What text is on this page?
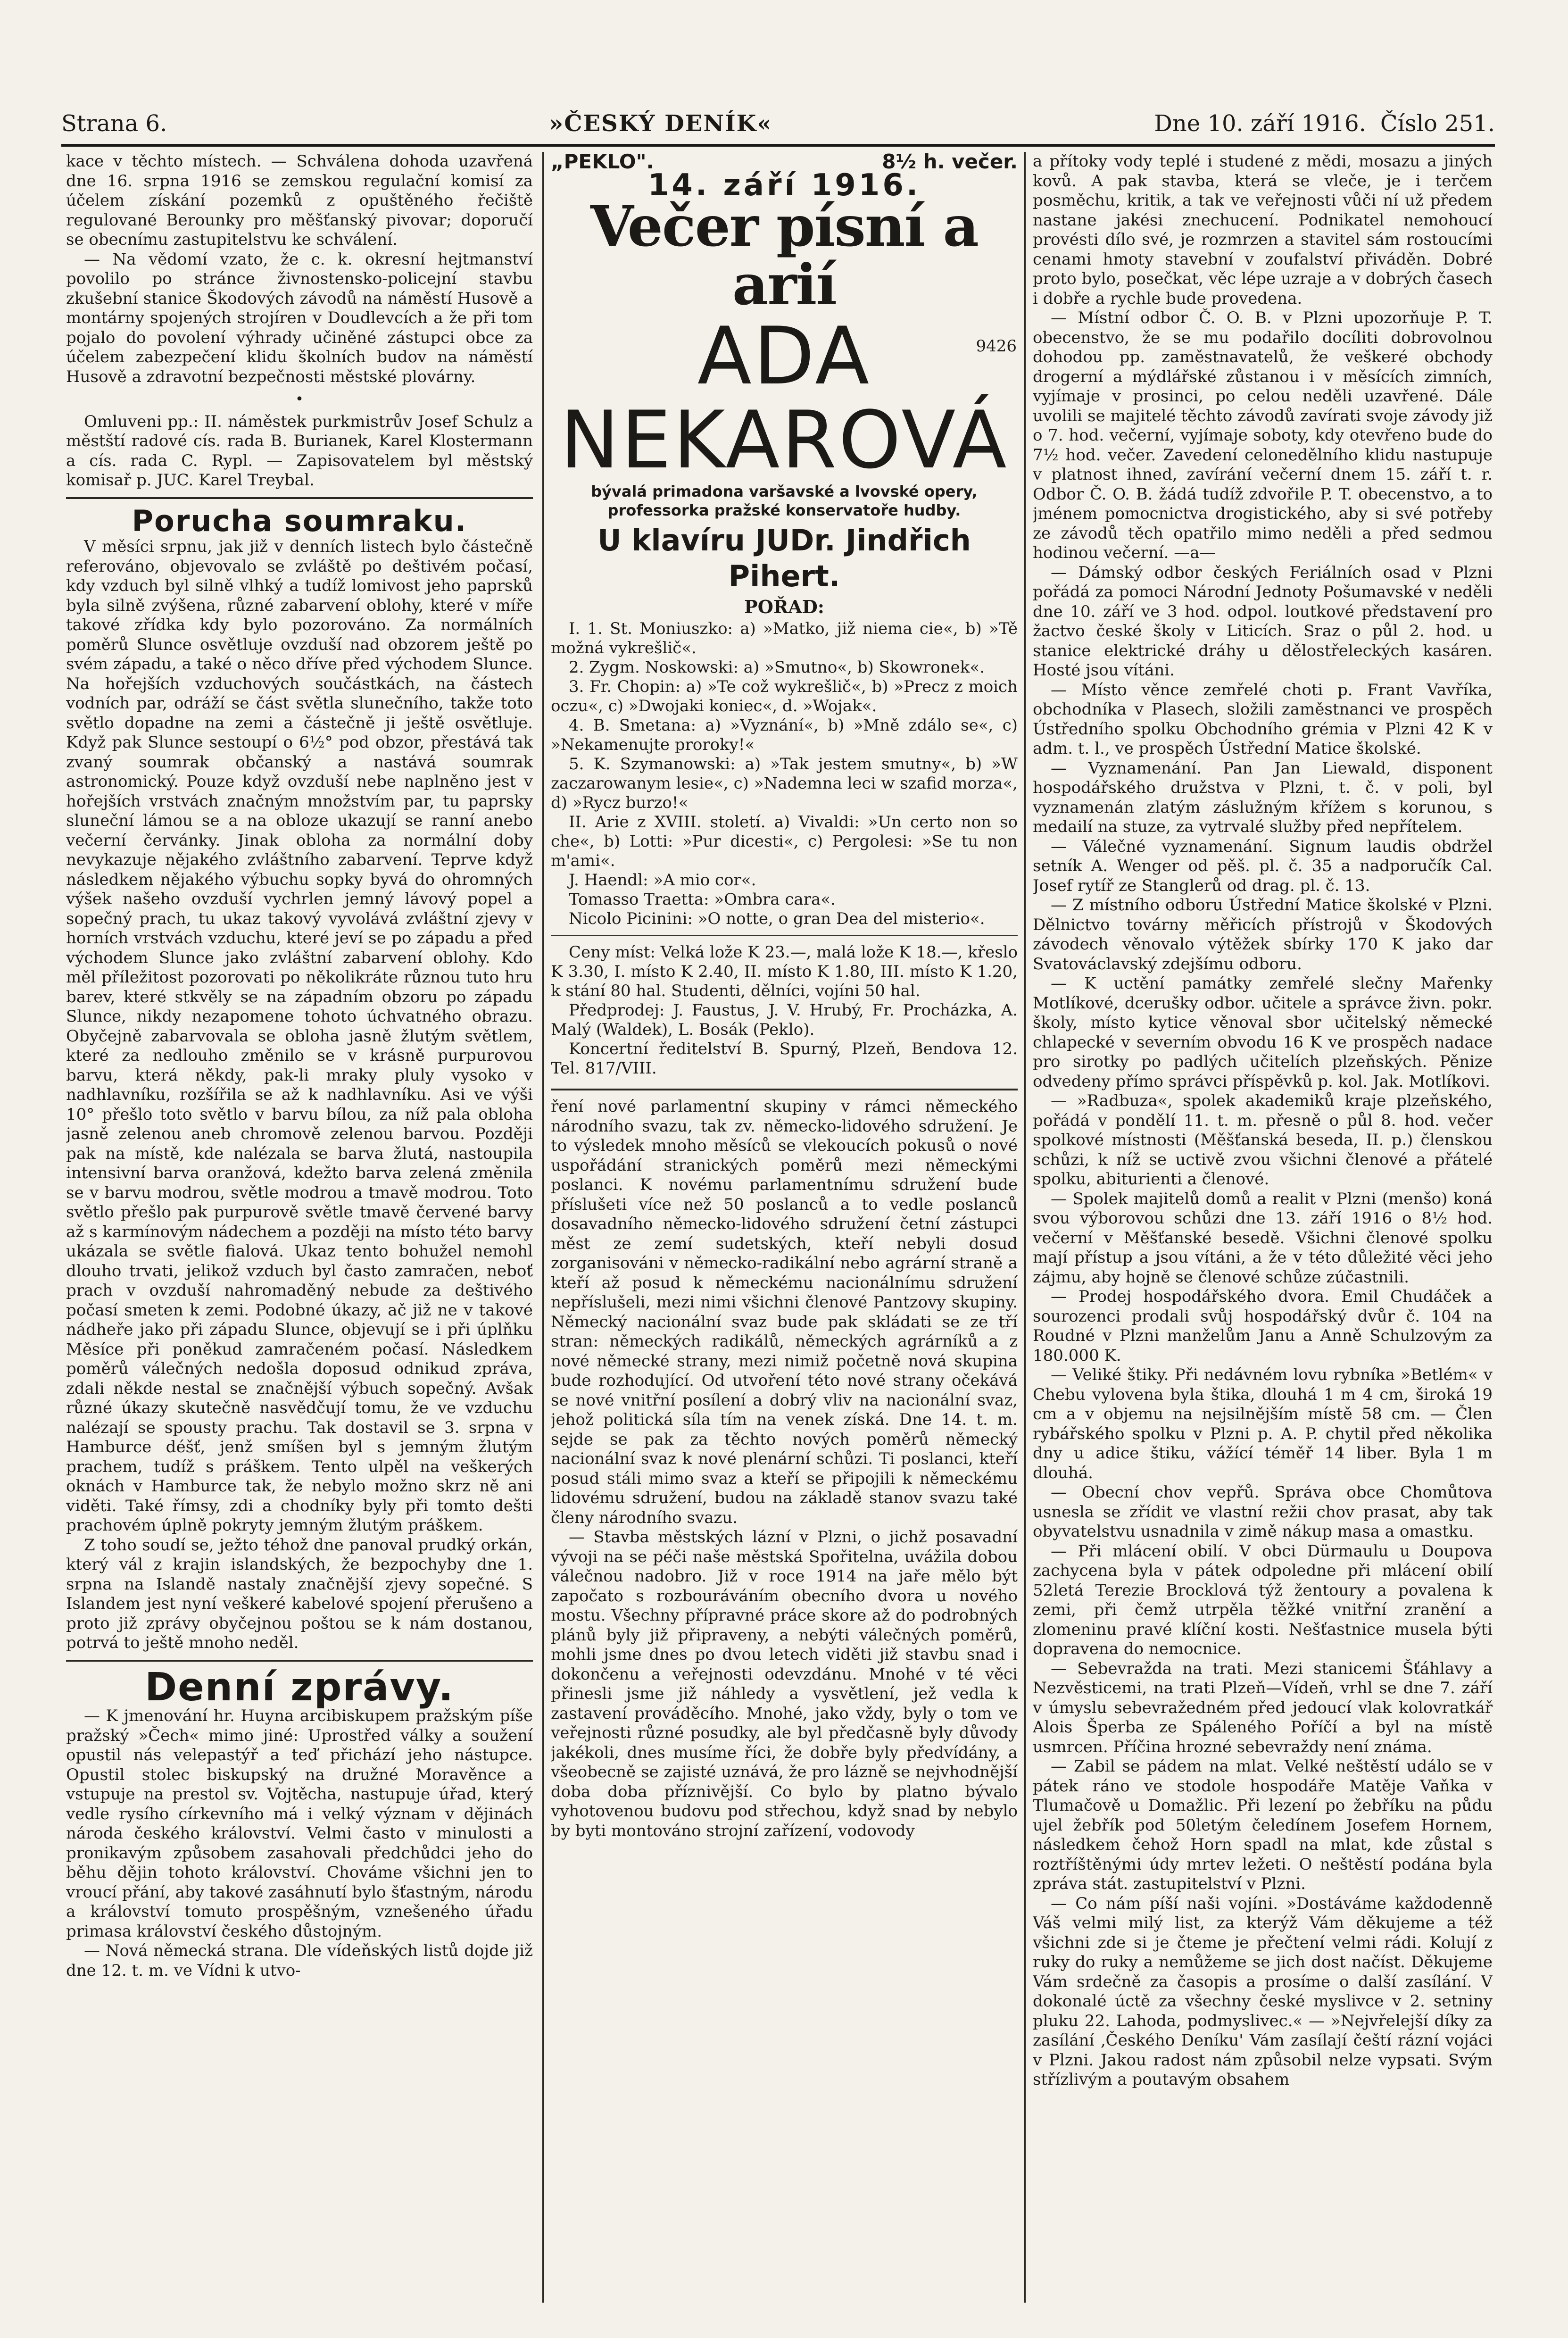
Strana 6.	»ČESKÝ DENÍK«	Dne 10. září 1916. Číslo 251.

kace v těchto místech. — Schválena dohoda uzavřená dne 16. srpna 1916 se zemskou regulační komisí za účelem získání pozemků z opuštěného řečiště regulované Berounky pro měšťanský pivovar; doporučí se obecnímu zastupitelstvu ke schválení.

— Na vědomí vzato, že c. k. okresní hejtmanství povolilo po stránce živnostensko-policejní stavbu zkušební stanice Škodových závodů na náměstí Husově a montárny spojených strojíren v Doudlevcích a že při tom pojalo do povolení výhrady učiněné zástupci obce za účelem zabezpečení klidu školních budov na náměstí Husově a zdravotní bezpečnosti městské plovárny.

•

Omluveni pp.: II. náměstek purkmistrův Josef Schulz a městští radové cís. rada B. Burianek, Karel Klostermann a cís. rada C. Rypl. — Zapisovatelem byl městský komisař p. JUC. Karel Treybal.

Porucha soumraku.

V měsíci srpnu, jak již v denních listech bylo částečně referováno, objevovalo se zvláště po deštivém počasí, kdy vzduch byl silně vlhký a tudíž lomivost jeho paprsků byla silně zvýšena, různé zabarvení oblohy, které v míře takové zřídka kdy bylo pozorováno. Za normálních poměrů Slunce osvětluje ovzduší nad obzorem ještě po svém západu, a také o něco dříve před východem Slunce. Na hořejších vzduchových součástkách, na částech vodních par, odráží se část světla slunečního, takže toto světlo dopadne na zemi a částečně ji ještě osvětluje. Když pak Slunce sestoupí o 6½° pod obzor, přestává tak zvaný soumrak občanský a nastává soumrak astronomický. Pouze když ovzduší nebe naplněno jest v hořejších vrstvách značným množstvím par, tu paprsky sluneční lámou se a na obloze ukazují se ranní anebo večerní červánky. Jinak obloha za normální doby nevykazuje nějakého zvláštního zabarvení. Teprve když následkem nějakého výbuchu sopky byvá do ohromných výšek našeho ovzduší vychrlen jemný lávový popel a sopečný prach, tu ukaz takový vyvolává zvláštní zjevy v horních vrstvách vzduchu, které jeví se po západu a před východem Slunce jako zvláštní zabarvení oblohy. Kdo měl příležitost pozorovati po několikráte různou tuto hru barev, které stkvěly se na západním obzoru po západu Slunce, nikdy nezapomene tohoto úchvatného obrazu. Obyčejně zabarvovala se obloha jasně žlutým světlem, které za nedlouho změnilo se v krásně purpurovou barvu, která někdy, pak-li mraky pluly vysoko v nadhlavníku, rozšířila se až k nadhlavníku. Asi ve výši 10° přešlo toto světlo v barvu bílou, za níž pala obloha jasně zelenou aneb chromově zelenou barvou. Později pak na místě, kde nalézala se barva žlutá, nastoupila intensivní barva oranžová, kdežto barva zelená změnila se v barvu modrou, světle modrou a tmavě modrou. Toto světlo přešlo pak purpurově světle tmavě červené barvy až s karmínovým nádechem a později na místo této barvy ukázala se světle fialová. Ukaz tento bohužel nemohl dlouho trvati, jelikož vzduch byl často zamračen, neboť prach v ovzduší nahromaděný nebude za deštivého počasí smeten k zemi. Podobné úkazy, ač již ne v takové nádheře jako při západu Slunce, objevují se i při úplňku Měsíce při poněkud zamračeném počasí. Následkem poměrů válečných nedošla doposud odnikud zpráva, zdali někde nestal se značnější výbuch sopečný. Avšak různé úkazy skutečně nasvědčují tomu, že ve vzduchu nalézají se spousty prachu. Tak dostavil se 3. srpna v Hamburce déšť, jenž smíšen byl s jemným žlutým prachem, tudíž s práškem. Tento ulpěl na veškerých oknách v Hamburce tak, že nebylo možno skrz ně ani viděti. Také římsy, zdi a chodníky byly při tomto dešti prachovém úplně pokryty jemným žlutým práškem.

Z toho soudí se, ježto téhož dne panoval prudký orkán, který vál z krajin islandských, že bezpochyby dne 1. srpna na Islandě nastaly značnější zjevy sopečné. S Islandem jest nyní veškeré kabelové spojení přerušeno a proto již zprávy obyčejnou poštou se k nám dostanou, potrvá to ještě mnoho neděl.

Denní zprávy.

— K jmenování hr. Huyna arcibiskupem pražským píše pražský »Čech« mimo jiné: Uprostřed války a soužení opustil nás velepastýř a teď přichází jeho nástupce. Opustil stolec biskupský na družné Moravěnce a vstupuje na prestol sv. Vojtěcha, nastupuje úřad, který vedle rysího církevního má i velký význam v dějinách národa českého království. Velmi často v minulosti a pronikavým způsobem zasahovali předchůdci jeho do běhu dějin tohoto království. Chováme všichni jen to vroucí přání, aby takové zasáhnutí bylo šťastným, národu a království tomuto prospěšným, vznešeného úřadu primasa království českého důstojným.

— Nová německá strana. Dle vídeňských listů dojde již dne 12. t. m. ve Vídni k utvo-

„PEKLO".	8½ h. večer.
14. září 1916.
Večer písní a arií
ADA	9426
NEKAROVÁ
bývalá primadona varšavské a lvovské opery, professorka pražské konservatoře hudby.
U klavíru JUDr. Jindřich Pihert.
POŘAD:

I. 1. St. Moniuszko: a) »Matko, již niema cie«, b) »Tě možná vykrešlič«.

2. Zygm. Noskowski: a) »Smutno«, b) Skowronek«.

3. Fr. Chopin: a) »Te což wykrešlič«, b) »Precz z moich oczu«, c) »Dwojaki koniec«, d. »Wojak«.

4. B. Smetana: a) »Vyznání«, b) »Mně zdálo se«, c) »Nekamenujte proroky!«

5. K. Szymanowski: a) »Tak jestem smutny«, b) »W zaczarowanym lesie«, c) »Nademna leci w szafid morza«, d) »Rycz burzo!«

II. Arie z XVIII. století. a) Vivaldi: »Un certo non so che«, b) Lotti: »Pur dicesti«, c) Pergolesi: »Se tu non m'ami«.

J. Haendl: »A mio cor«.

Tomasso Traetta: »Ombra cara«.

Nicolo Picinini: »O notte, o gran Dea del misterio«.

Ceny míst: Velká lože K 23.—, malá lože K 18.—, křeslo K 3.30, I. místo K 2.40, II. místo K 1.80, III. místo K 1.20, k stání 80 hal. Studenti, dělníci, vojíni 50 hal.

Předprodej: J. Faustus, J. V. Hrubý, Fr. Procházka, A. Malý (Waldek), L. Bosák (Peklo).

Koncertní ředitelství B. Spurný, Plzeň, Bendova 12. Tel. 817/VIII.

ření nové parlamentní skupiny v rámci německého národního svazu, tak zv. německo-lidového sdružení. Je to výsledek mnoho měsíců se vlekoucích pokusů o nové uspořádání stranických poměrů mezi německými poslanci. K novému parlamentnímu sdružení bude příslušeti více než 50 poslanců a to vedle poslanců dosavadního německo-lidového sdružení četní zástupci měst ze zemí sudetských, kteří nebyli dosud zorganisováni v německo-radikální nebo agrární straně a kteří až posud k německému nacionálnímu sdružení nepříslušeli, mezi nimi všichni členové Pantzovy skupiny. Německý nacionální svaz bude pak skládati se ze tří stran: německých radikálů, německých agrárníků a z nové německé strany, mezi nimiž početně nová skupina bude rozhodující. Od utvoření této nové strany očekává se nové vnitřní posílení a dobrý vliv na nacionální svaz, jehož politická síla tím na venek získá. Dne 14. t. m. sejde se pak za těchto nových poměrů německý nacionální svaz k nové plenární schůzi. Ti poslanci, kteří posud stáli mimo svaz a kteří se připojili k německému lidovému sdružení, budou na základě stanov svazu také členy národního svazu.

— Stavba městských lázní v Plzni, o jichž posavadní vývoji na se péči naše městská Spořitelna, uvážila dobou válečnou nadobro. Již v roce 1914 na jaře mělo být započato s rozbouráváním obecního dvora u nového mostu. Všechny přípravné práce skore až do podrobných plánů byly již připraveny, a nebýti válečných poměrů, mohli jsme dnes po dvou letech viděti již stavbu snad i dokončenu a veřejnosti odevzdánu. Mnohé v té věci přinesli jsme již náhledy a vysvětlení, jež vedla k zastavení prováděcího. Mnohé, jako vždy, byly o tom ve veřejnosti různé posudky, ale byl předčasně byly důvody jakékoli, dnes musíme říci, že dobře byly předvídány, a všeobecně se zajisté uznává, že pro lázně se nejvhodnější doba doba příznivější. Co bylo by platno bývalo vyhotovenou budovu pod střechou, když snad by nebylo by byti montováno strojní zařízení, vodovody

a přítoky vody teplé i studené z mědi, mosazu a jiných kovů. A pak stavba, která se vleče, je i terčem posměchu, kritik, a tak ve veřejnosti vůči ní už předem nastane jakési znechucení. Podnikatel nemohoucí provésti dílo své, je rozmrzen a stavitel sám rostoucími cenami hmoty stavební v zoufalství přiváděn. Dobré proto bylo, posečkat, věc lépe uzraje a v dobrých časech i dobře a rychle bude provedena.

— Místní odbor Č. O. B. v Plzni upozorňuje P. T. obecenstvo, že se mu podařilo docíliti dobrovolnou dohodou pp. zaměstnavatelů, že veškeré obchody drogerní a mýdlářské zůstanou i v měsících zimních, vyjímaje v prosinci, po celou neděli uzavřené. Dále uvolili se majitelé těchto závodů zavírati svoje závody již o 7. hod. večerní, vyjímaje soboty, kdy otevřeno bude do 7½ hod. večer. Zavedení celonedělního klidu nastupuje v platnost ihned, zavírání večerní dnem 15. září t. r. Odbor Č. O. B. žádá tudíž zdvořile P. T. obecenstvo, a to jménem pomocnictva drogistického, aby si své potřeby ze závodů těch opatřilo mimo neděli a před sedmou hodinou večerní. —a—

— Dámský odbor českých Feriálních osad v Plzni pořádá za pomoci Národní Jednoty Pošumavské v neděli dne 10. září ve 3 hod. odpol. loutkové představení pro žactvo české školy v Liticích. Sraz o půl 2. hod. u stanice elektrické dráhy u dělostřeleckých kasáren. Hosté jsou vítáni.

— Místo věnce zemřelé choti p. Frant Vavříka, obchodníka v Plasech, složili zaměstnanci ve prospěch Ústředního spolku Obchodního grémia v Plzni 42 K v adm. t. l., ve prospěch Ústřední Matice školské.

— Vyznamenání. Pan Jan Liewald, disponent hospodářského družstva v Plzni, t. č. v poli, byl vyznamenán zlatým záslužným křížem s korunou, s medailí na stuze, za vytrvalé služby před nepřítelem.

— Válečné vyznamenání. Signum laudis obdržel setník A. Wenger od pěš. pl. č. 35 a nadporučík Cal. Josef rytíř ze Stanglerů od drag. pl. č. 13.

— Z místního odboru Ústřední Matice školské v Plzni. Dělnictvo továrny měřicích přístrojů v Škodových závodech věnovalo výtěžek sbírky 170 K jako dar Svatováclavský zdejšímu odboru.

— K uctění památky zemřelé slečny Mařenky Motlíkové, dcerušky odbor. učitele a správce živn. pokr. školy, místo kytice věnoval sbor učitelský německé chlapecké v severním obvodu 16 K ve prospěch nadace pro sirotky po padlých učitelích plzeňských. Pěnize odvedeny přímo správci příspěvků p. kol. Jak. Motlíkovi.

— »Radbuza«, spolek akademiků kraje plzeňského, pořádá v pondělí 11. t. m. přesně o půl 8. hod. večer spolkové místnosti (Měšťanská beseda, II. p.) členskou schůzi, k níž se uctivě zvou všichni členové a přátelé spolku, abiturienti a členové.

— Spolek majitelů domů a realit v Plzni (menšo) koná svou výborovou schůzi dne 13. září 1916 o 8½ hod. večerní v Měšťanské besedě. Všichni členové spolku mají přístup a jsou vítáni, a že v této důležité věci jeho zájmu, aby hojně se členové schůze zúčastnili.

— Prodej hospodářského dvora. Emil Chudáček a sourozenci prodali svůj hospodářský dvůr č. 104 na Roudné v Plzni manželům Janu a Anně Schulzovým za 180.000 K.

— Veliké štiky. Při nedávném lovu rybníka »Betlém« v Chebu vylovena byla štika, dlouhá 1 m 4 cm, široká 19 cm a v objemu na nejsilnějším místě 58 cm. — Člen rybářského spolku v Plzni p. A. P. chytil před několika dny u adice štiku, vážící téměř 14 liber. Byla 1 m dlouhá.

— Obecní chov vepřů. Správa obce Chomůtova usnesla se zřídit ve vlastní režii chov prasat, aby tak obyvatelstvu usnadnila v zimě nákup masa a omastku.

— Při mlácení obilí. V obci Dürmaulu u Doupova zachycena byla v pátek odpoledne při mlácení obilí 52letá Terezie Brocklová týž žentoury a povalena k zemi, při čemž utrpěla těžké vnitřní zranění a zlomeninu pravé klíční kosti. Nešťastnice musela býti dopravena do nemocnice.

— Sebevražda na trati. Mezi stanicemi Šťáhlavy a Nezvěsticemi, na trati Plzeň—Vídeň, vrhl se dne 7. září v úmyslu sebevražedném před jedoucí vlak kolovratkář Alois Šperba ze Spáleného Poříčí a byl na místě usmrcen. Příčina hrozné sebevraždy není známa.

— Zabil se pádem na mlat. Velké neštěstí událo se v pátek ráno ve stodole hospodáře Matěje Vaňka v Tlumačově u Domažlic. Při lezení po žebříku na půdu ujel žebřík pod 50letým čeledínem Josefem Hornem, následkem čehož Horn spadl na mlat, kde zůstal s roztříštěnými údy mrtev ležeti. O neštěstí podána byla zpráva stát. zastupitelství v Plzni.

— Co nám píší naši vojíni. »Dostáváme každodenně Váš velmi milý list, za kterýž Vám děkujeme a též všichni zde si je čteme je přečtení velmi rádi. Kolují z ruky do ruky a nemůžeme se jich dost načíst. Děkujeme Vám srdečně za časopis a prosíme o další zasílání. V dokonalé úctě za všechny české myslivce v 2. setniny pluku 22. Lahoda, podmyslivec.« — »Nejvřelejší díky za zasílání ‚Českého Deníku' Vám zasílají čeští rázní vojáci v Plzni. Jakou radost nám způsobil nelze vypsati. Svým střízlivým a poutavým obsahem
